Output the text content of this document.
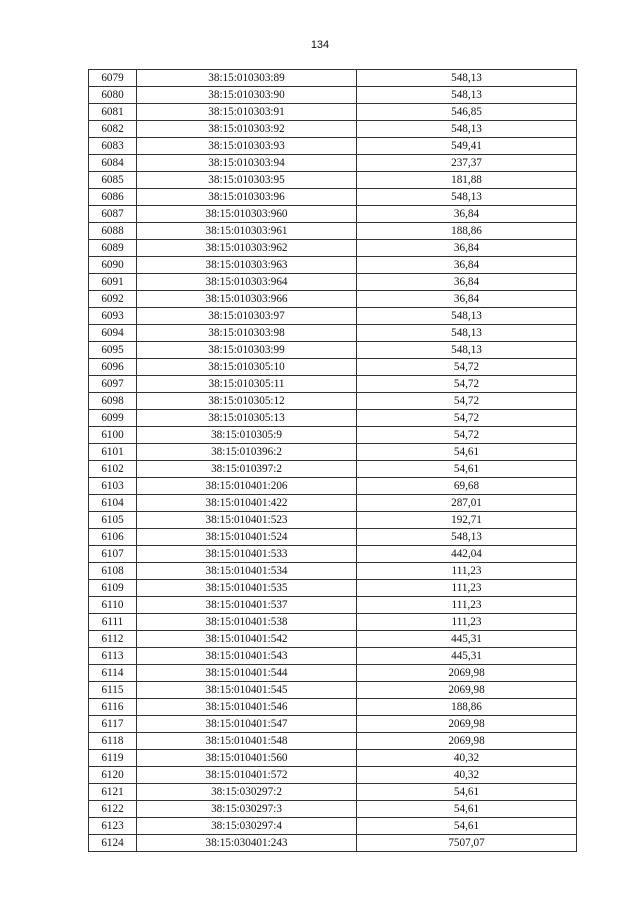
134
6079	38:15:010303:89	548,13
6080	38:15:010303:90	548,13
6081	38:15:010303:91	546,85
6082	38:15:010303:92	548,13
6083	38:15:010303:93	549,41
6084	38:15:010303:94	237,37
6085	38:15:010303:95	181,88
6086	38:15:010303:96	548,13
6087	38:15:010303:960	36,84
6088	38:15:010303:961	188,86
6089	38:15:010303:962	36,84
6090	38:15:010303:963	36,84
6091	38:15:010303:964	36,84
6092	38:15:010303:966	36,84
6093	38:15:010303:97	548,13
6094	38:15:010303:98	548,13
6095	38:15:010303:99	548,13
6096	38:15:010305:10	54,72
6097	38:15:010305:11	54,72
6098	38:15:010305:12	54,72
6099	38:15:010305:13	54,72
6100	38:15:010305:9	54,72
6101	38:15:010396:2	54,61
6102	38:15:010397:2	54,61
6103	38:15:010401:206	69,68
6104	38:15:010401:422	287,01
6105	38:15:010401:523	192,71
6106	38:15:010401:524	548,13
6107	38:15:010401:533	442,04
6108	38:15:010401:534	111,23
6109	38:15:010401:535	111,23
6110	38:15:010401:537	111,23
6111	38:15:010401:538	111,23
6112	38:15:010401:542	445,31
6113	38:15:010401:543	445,31
6114	38:15:010401:544	2069,98
6115	38:15:010401:545	2069,98
6116	38:15:010401:546	188,86
6117	38:15:010401:547	2069,98
6118	38:15:010401:548	2069,98
6119	38:15:010401:560	40,32
6120	38:15:010401:572	40,32
6121	38:15:030297:2	54,61
6122	38:15:030297:3	54,61
6123	38:15:030297:4	54,61
6124	38:15:030401:243	7507,07
